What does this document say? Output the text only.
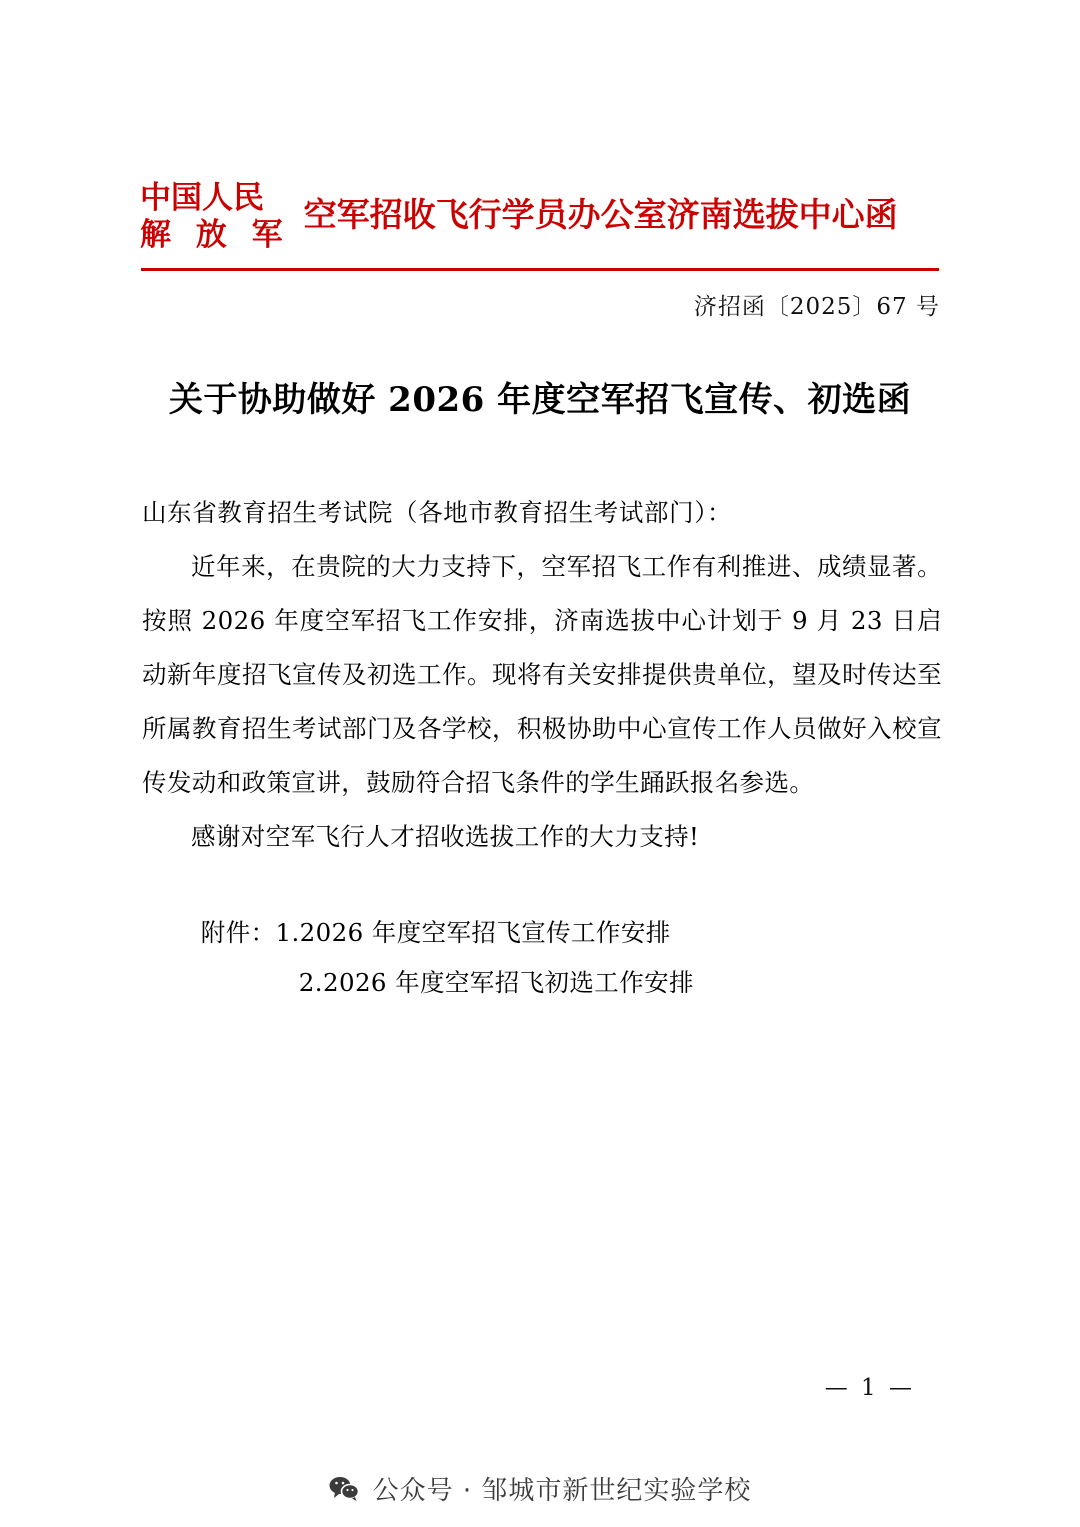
中国人民
解 放 军
空军招收飞行学员办公室济南选拔中心函
济招函〔2025〕67 号
关于协助做好 2026 年度空军招飞宣传、初选函
山东省教育招生考试院（各地市教育招生考试部门）：
近年来，在贵院的大力支持下，空军招飞工作有利推进、成绩显著。按照 2026 年度空军招飞工作安排，济南选拔中心计划于 9 月 23 日启动新年度招飞宣传及初选工作。现将有关安排提供贵单位，望及时传达至所属教育招生考试部门及各学校，积极协助中心宣传工作人员做好入校宣传发动和政策宣讲，鼓励符合招飞条件的学生踊跃报名参选。
感谢对空军飞行人才招收选拔工作的大力支持!
附件：1.2026 年度空军招飞宣传工作安排
2.2026 年度空军招飞初选工作安排
— 1 —
公众号 · 邹城市新世纪实验学校
